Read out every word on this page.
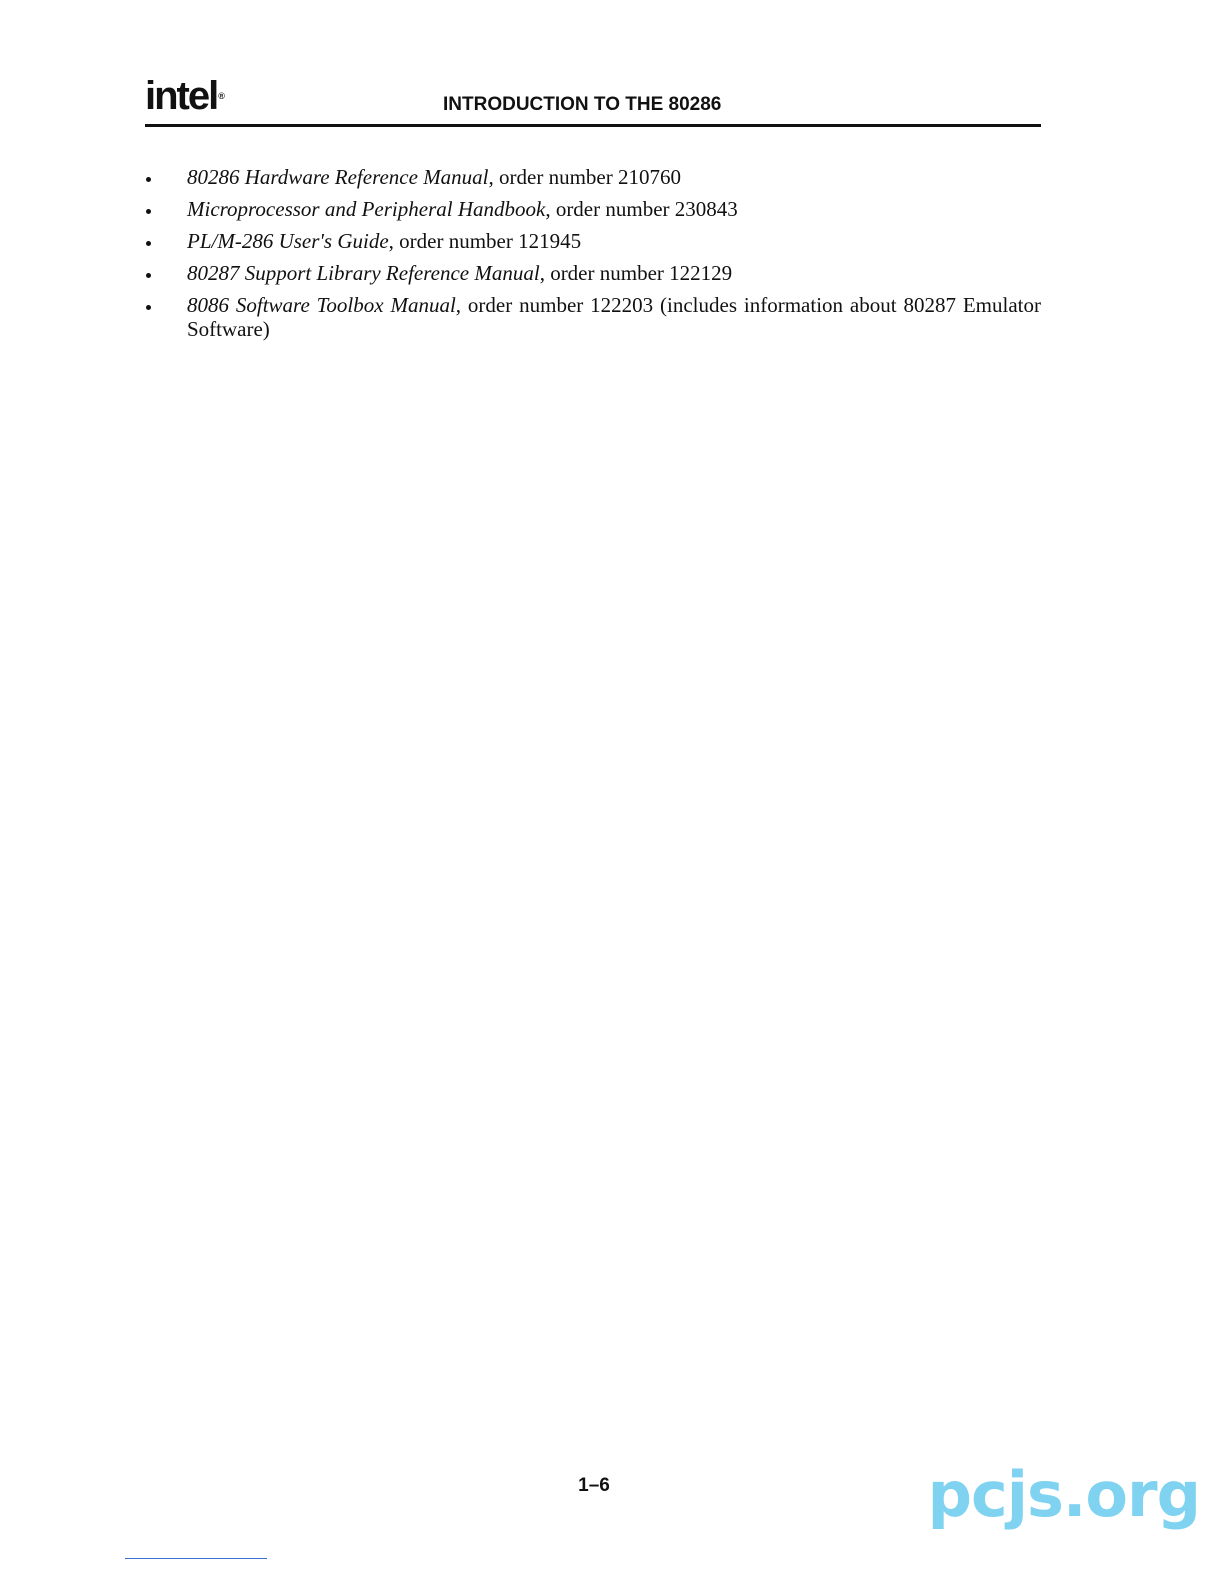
intel®	INTRODUCTION TO THE 80286
80286 Hardware Reference Manual, order number 210760
Microprocessor and Peripheral Handbook, order number 230843
PL/M-286 User's Guide, order number 121945
80287 Support Library Reference Manual, order number 122129
8086 Software Toolbox Manual, order number 122203 (includes information about 80287 Emulator Software)
1–6	pcjs.org
